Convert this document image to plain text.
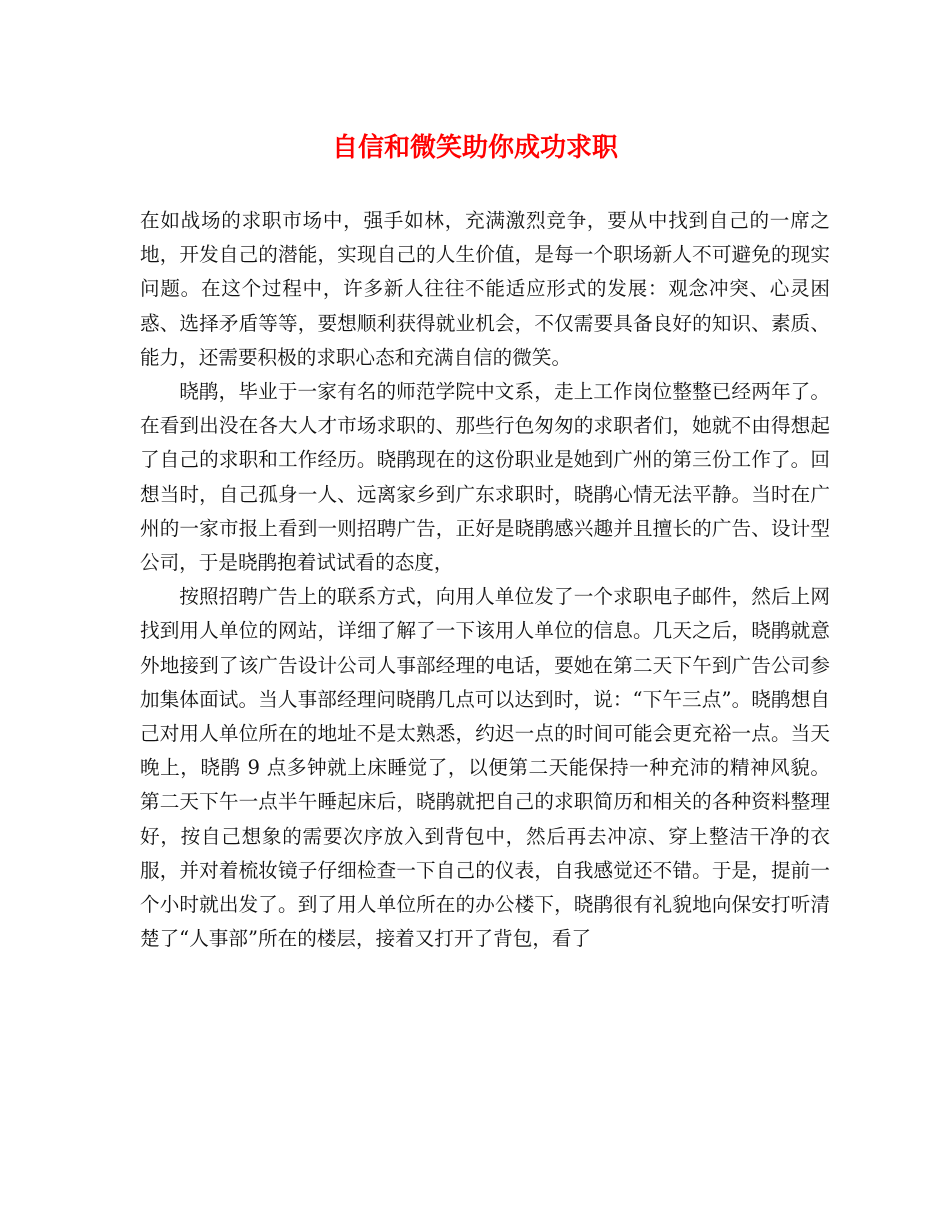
自信和微笑助你成功求职

在如战场的求职市场中，强手如林，充满激烈竞争，要从中找到自己的一席之地，开发自己的潜能，实现自己的人生价值，是每一个职场新人不可避免的现实问题。在这个过程中，许多新人往往不能适应形式的发展：观念冲突、心灵困惑、选择矛盾等等，要想顺利获得就业机会，不仅需要具备良好的知识、素质、能力，还需要积极的求职心态和充满自信的微笑。

晓鹃，毕业于一家有名的师范学院中文系，走上工作岗位整整已经两年了。在看到出没在各大人才市场求职的、那些行色匆匆的求职者们，她就不由得想起了自己的求职和工作经历。晓鹃现在的这份职业是她到广州的第三份工作了。回想当时，自己孤身一人、远离家乡到广东求职时，晓鹃心情无法平静。当时在广州的一家市报上看到一则招聘广告，正好是晓鹃感兴趣并且擅长的广告、设计型公司，于是晓鹃抱着试试看的态度，

按照招聘广告上的联系方式，向用人单位发了一个求职电子邮件，然后上网找到用人单位的网站，详细了解了一下该用人单位的信息。几天之后，晓鹃就意外地接到了该广告设计公司人事部经理的电话，要她在第二天下午到广告公司参加集体面试。当人事部经理问晓鹃几点可以达到时，说：“下午三点”。晓鹃想自己对用人单位所在的地址不是太熟悉，约迟一点的时间可能会更充裕一点。当天晚上，晓鹃 9 点多钟就上床睡觉了，以便第二天能保持一种充沛的精神风貌。第二天下午一点半午睡起床后，晓鹃就把自己的求职简历和相关的各种资料整理好，按自己想象的需要次序放入到背包中，然后再去冲凉、穿上整洁干净的衣服，并对着梳妆镜子仔细检查一下自己的仪表，自我感觉还不错。于是，提前一个小时就出发了。到了用人单位所在的办公楼下，晓鹃很有礼貌地向保安打听清楚了“人事部”所在的楼层，接着又打开了背包，看了
